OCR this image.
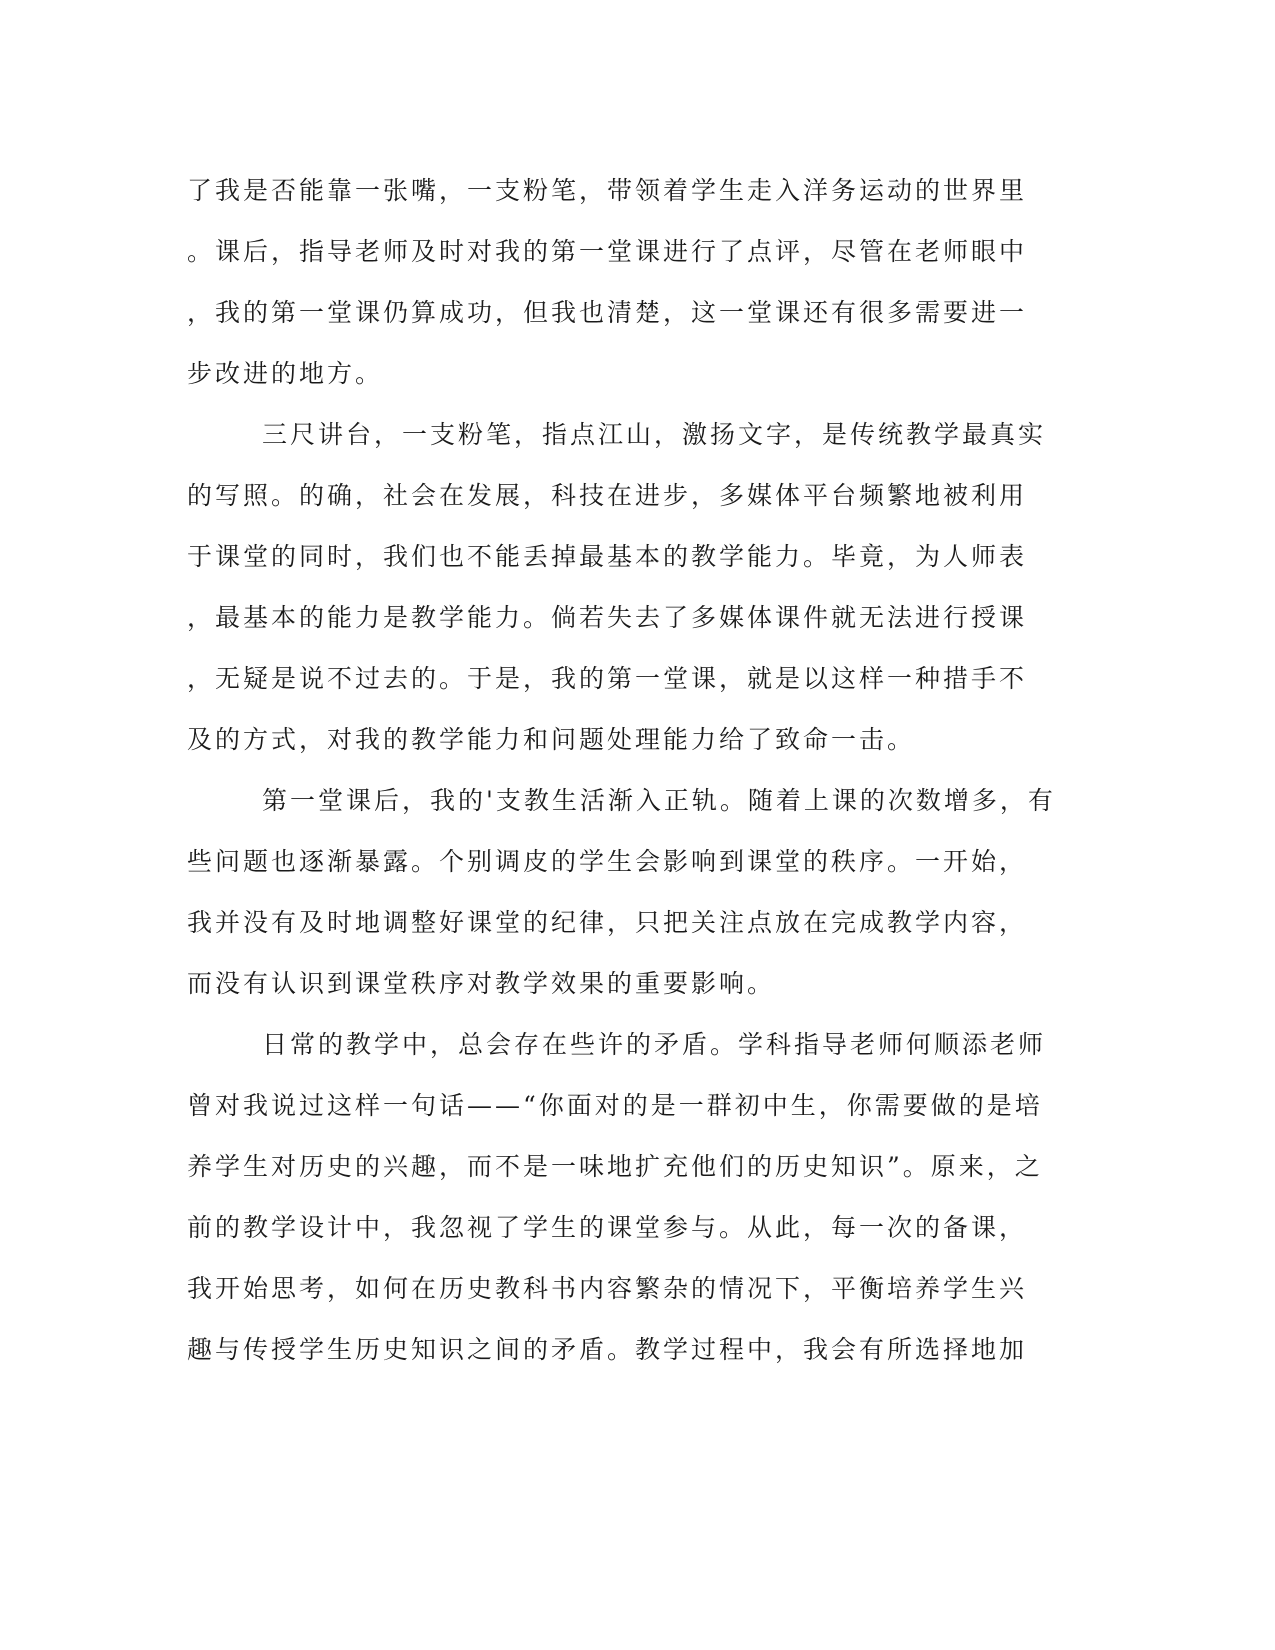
了我是否能靠一张嘴，一支粉笔，带领着学生走入洋务运动的世界里
。课后，指导老师及时对我的第一堂课进行了点评，尽管在老师眼中
，我的第一堂课仍算成功，但我也清楚，这一堂课还有很多需要进一
步改进的地方。
三尺讲台，一支粉笔，指点江山，激扬文字，是传统教学最真实
的写照。的确，社会在发展，科技在进步，多媒体平台频繁地被利用
于课堂的同时，我们也不能丢掉最基本的教学能力。毕竟，为人师表
，最基本的能力是教学能力。倘若失去了多媒体课件就无法进行授课
，无疑是说不过去的。于是，我的第一堂课，就是以这样一种措手不
及的方式，对我的教学能力和问题处理能力给了致命一击。
第一堂课后，我的'支教生活渐入正轨。随着上课的次数增多，有
些问题也逐渐暴露。个别调皮的学生会影响到课堂的秩序。一开始，
我并没有及时地调整好课堂的纪律，只把关注点放在完成教学内容，
而没有认识到课堂秩序对教学效果的重要影响。
日常的教学中，总会存在些许的矛盾。学科指导老师何顺添老师
曾对我说过这样一句话——“你面对的是一群初中生，你需要做的是培
养学生对历史的兴趣，而不是一味地扩充他们的历史知识”。原来，之
前的教学设计中，我忽视了学生的课堂参与。从此，每一次的备课，
我开始思考，如何在历史教科书内容繁杂的情况下，平衡培养学生兴
趣与传授学生历史知识之间的矛盾。教学过程中，我会有所选择地加
